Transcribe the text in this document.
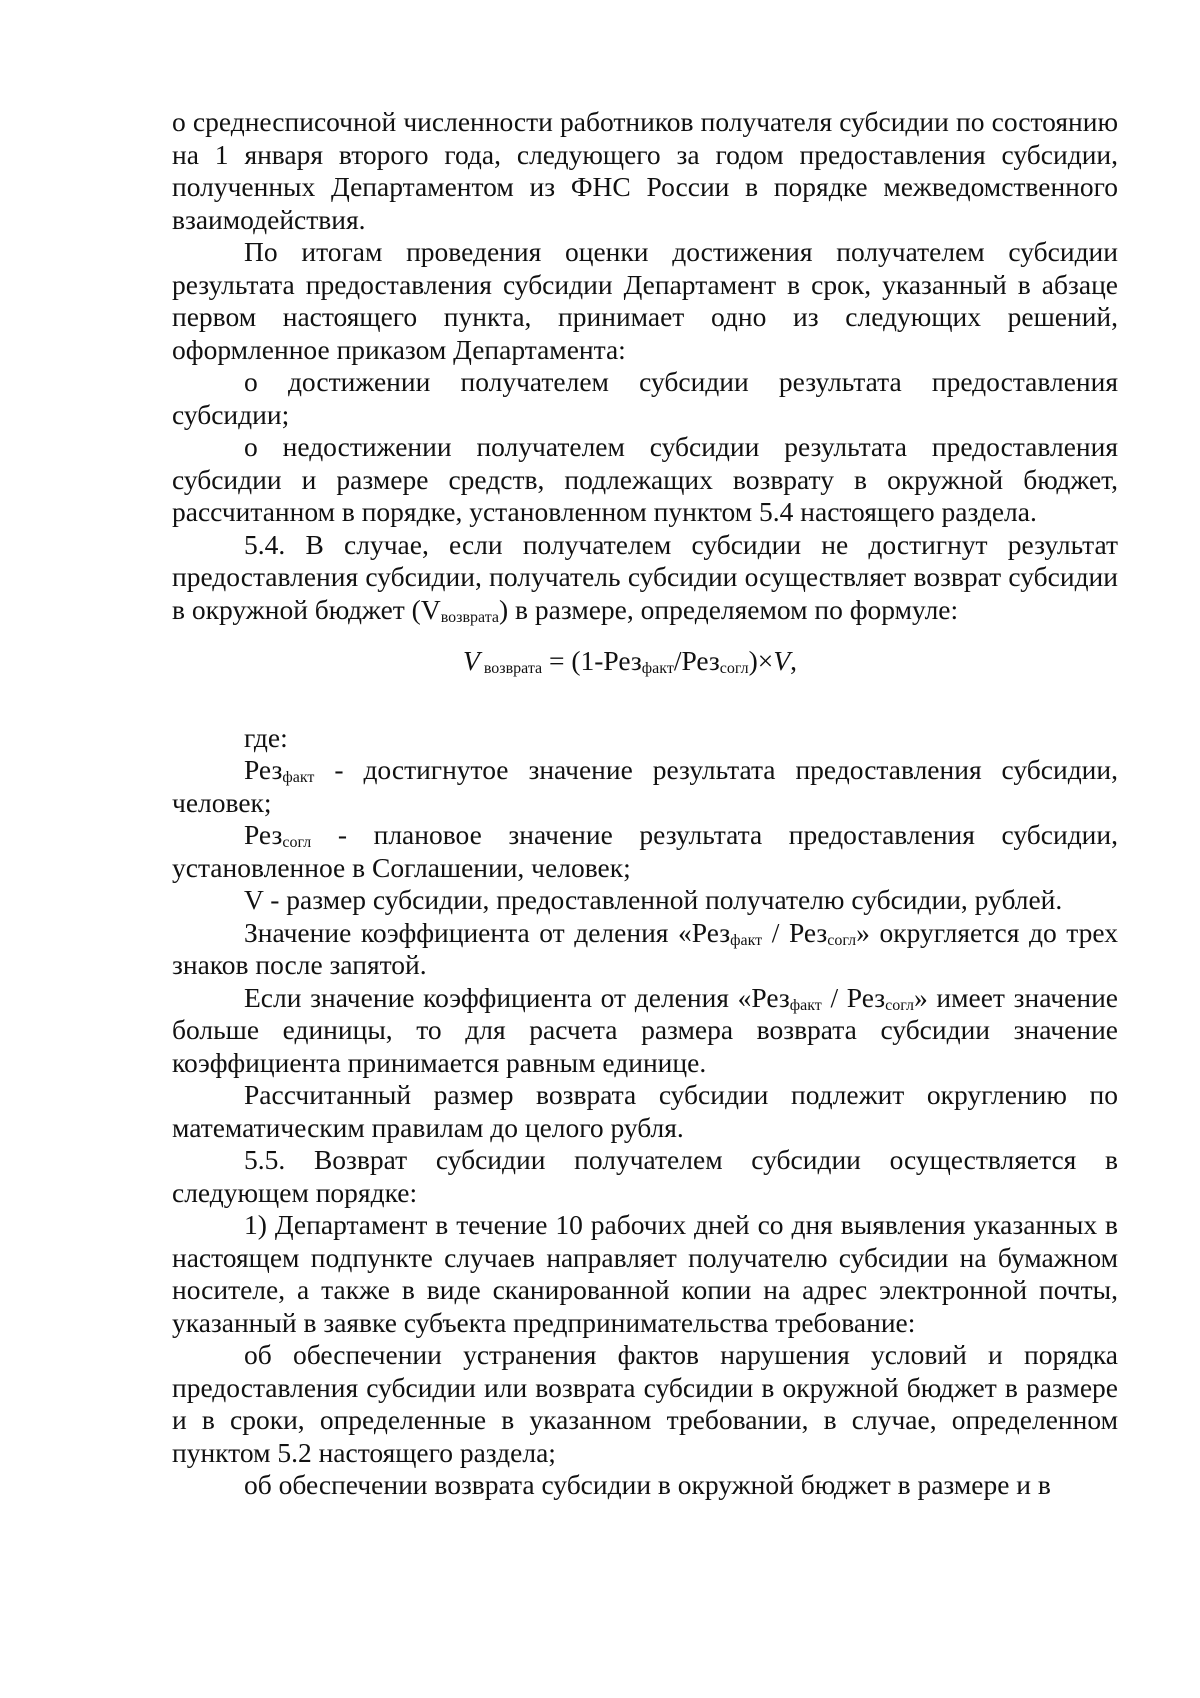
о среднесписочной численности работников получателя субсидии по состоянию на 1 января второго года, следующего за годом предоставления субсидии, полученных Департаментом из ФНС России в порядке межведомственного взаимодействия.

По итогам проведения оценки достижения получателем субсидии результата предоставления субсидии Департамент в срок, указанный в абзаце первом настоящего пункта, принимает одно из следующих решений, оформленное приказом Департамента:

о достижении получателем субсидии результата предоставления субсидии;

о недостижении получателем субсидии результата предоставления субсидии и размере средств, подлежащих возврату в окружной бюджет, рассчитанном в порядке, установленном пунктом 5.4 настоящего раздела.

5.4. В случае, если получателем субсидии не достигнут результат предоставления субсидии, получатель субсидии осуществляет возврат субсидии в окружной бюджет $(V_{возврата})$ в размере, определяемом по формуле:

V $_{возврата}$ = (1-Рез$_{факт}$/Рез$_{согл}$)×V,

где:

Рез$_{факт}$ - достигнутое значение результата предоставления субсидии, человек;

Рез$_{согл}$ - плановое значение результата предоставления субсидии, установленное в Соглашении, человек;

V - размер субсидии, предоставленной получателю субсидии, рублей.

Значение коэффициента от деления «Рез$_{факт}$ / Рез$_{согл}$» округляется до трех знаков после запятой.

Если значение коэффициента от деления «Рез$_{факт}$ / Рез$_{согл}$» имеет значение больше единицы, то для расчета размера возврата субсидии значение коэффициента принимается равным единице.

Рассчитанный размер возврата субсидии подлежит округлению по математическим правилам до целого рубля.

5.5. Возврат субсидии получателем субсидии осуществляется в следующем порядке:

1) Департамент в течение 10 рабочих дней со дня выявления указанных в настоящем подпункте случаев направляет получателю субсидии на бумажном носителе, а также в виде сканированной копии на адрес электронной почты, указанный в заявке субъекта предпринимательства требование:

об обеспечении устранения фактов нарушения условий и порядка предоставления субсидии или возврата субсидии в окружной бюджет в размере и в сроки, определенные в указанном требовании, в случае, определенном пунктом 5.2 настоящего раздела;

об обеспечении возврата субсидии в окружной бюджет в размере и в
